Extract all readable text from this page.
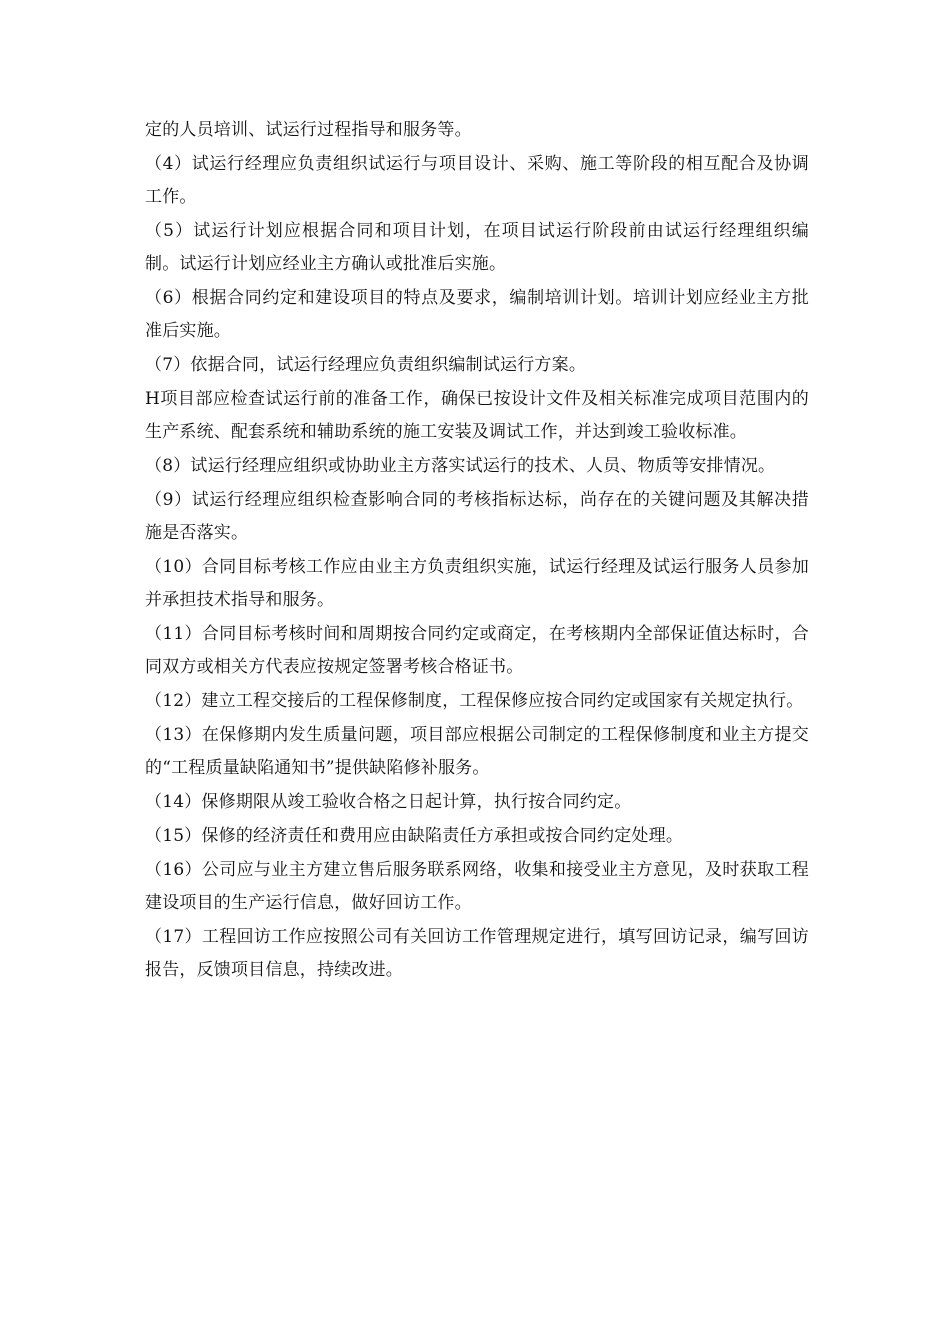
定的人员培训、试运行过程指导和服务等。

（4）试运行经理应负责组织试运行与项目设计、采购、施工等阶段的相互配合及协调工作。

（5）试运行计划应根据合同和项目计划，在项目试运行阶段前由试运行经理组织编制。试运行计划应经业主方确认或批准后实施。

（6）根据合同约定和建设项目的特点及要求，编制培训计划。培训计划应经业主方批准后实施。

（7）依据合同，试运行经理应负责组织编制试运行方案。

H项目部应检查试运行前的准备工作，确保已按设计文件及相关标准完成项目范围内的生产系统、配套系统和辅助系统的施工安装及调试工作，并达到竣工验收标准。

（8）试运行经理应组织或协助业主方落实试运行的技术、人员、物质等安排情况。

（9）试运行经理应组织检查影响合同的考核指标达标，尚存在的关键问题及其解决措施是否落实。

（10）合同目标考核工作应由业主方负责组织实施，试运行经理及试运行服务人员参加并承担技术指导和服务。

（11）合同目标考核时间和周期按合同约定或商定，在考核期内全部保证值达标时，合同双方或相关方代表应按规定签署考核合格证书。

（12）建立工程交接后的工程保修制度，工程保修应按合同约定或国家有关规定执行。

（13）在保修期内发生质量问题，项目部应根据公司制定的工程保修制度和业主方提交的“工程质量缺陷通知书”提供缺陷修补服务。

（14）保修期限从竣工验收合格之日起计算，执行按合同约定。

（15）保修的经济责任和费用应由缺陷责任方承担或按合同约定处理。

（16）公司应与业主方建立售后服务联系网络，收集和接受业主方意见，及时获取工程建设项目的生产运行信息，做好回访工作。

（17）工程回访工作应按照公司有关回访工作管理规定进行，填写回访记录，编写回访报告，反馈项目信息，持续改进。
